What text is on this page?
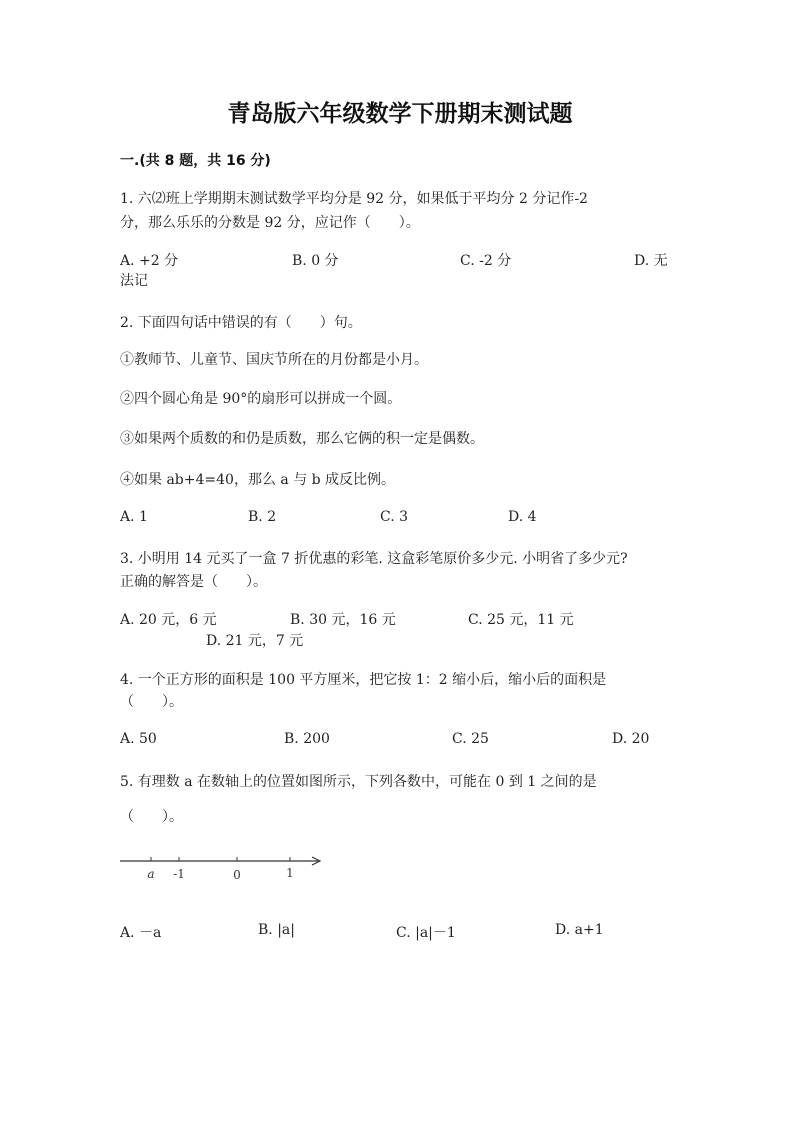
青岛版六年级数学下册期末测试题
一.(共 8 题，共 16 分)
1. 六⑵班上学期期末测试数学平均分是 92 分，如果低于平均分 2 分记作-2
分，那么乐乐的分数是 92 分，应记作（　　）。
A. +2 分	B. 0 分	C. -2 分	D. 无
法记
2. 下面四句话中错误的有（　　）句。
①教师节、儿童节、国庆节所在的月份都是小月。
②四个圆心角是 90°的扇形可以拼成一个圆。
③如果两个质数的和仍是质数，那么它俩的积一定是偶数。
④如果 ab+4=40，那么 a 与 b 成反比例。
A. 1	B. 2	C. 3	D. 4
3. 小明用 14 元买了一盒 7 折优惠的彩笔. 这盒彩笔原价多少元. 小明省了多少元?
正确的解答是（　　）。
A. 20 元，6 元	B. 30 元，16 元	C. 25 元，11 元
D. 21 元，7 元
4. 一个正方形的面积是 100 平方厘米，把它按 1：2 缩小后，缩小后的面积是
（　　）。
A. 50	B. 200	C. 25	D. 20
5. 有理数 a 在数轴上的位置如图所示，下列各数中，可能在 0 到 1 之间的是
（　　）。
a -1	0	1
A. －a	B. |a|	C. |a|－1	D. a+1
